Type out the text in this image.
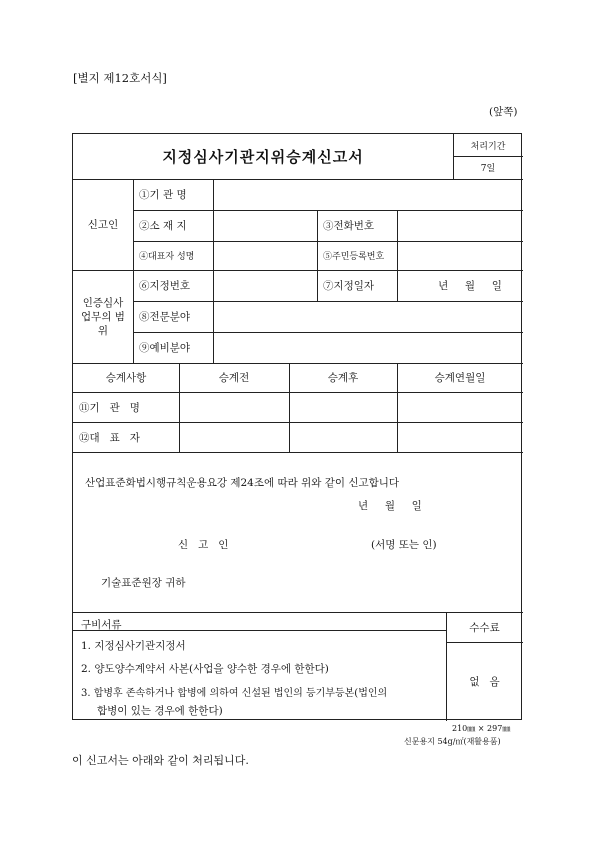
[별지 제12호서식]
(앞쪽)
지정심사기관지위승계신고서
처리기간
7일
신고인
①기 관 명
②소 재 지	③전화번호
④대표자 성명	⑤주민등록번호
인증심사 업무의 범위
⑥지정번호	⑦지정일자	년     월     일
⑧전문분야
⑨예비분야
승계사항	승계전	승계후	승계연월일
⑪기   관   명
⑫대   표   자
산업표준화법시행규칙운용요강 제24조에 따라 위와 같이 신고합니다
년     월     일
신   고   인	(서명 또는 인)
기술표준원장 귀하
구비서류
1. 지정심사기관지정서
2. 양도양수계약서 사본(사업을 양수한 경우에 한한다)
3. 합병후 존속하거나 합병에 의하여 신설된 법인의 등기부등본(법인의
합병이 있는 경우에 한한다)
수수료
없   음
210㎜ × 297㎜
신문용지 54g/㎡(재활용품)
이 신고서는 아래와 같이 처리됩니다.
